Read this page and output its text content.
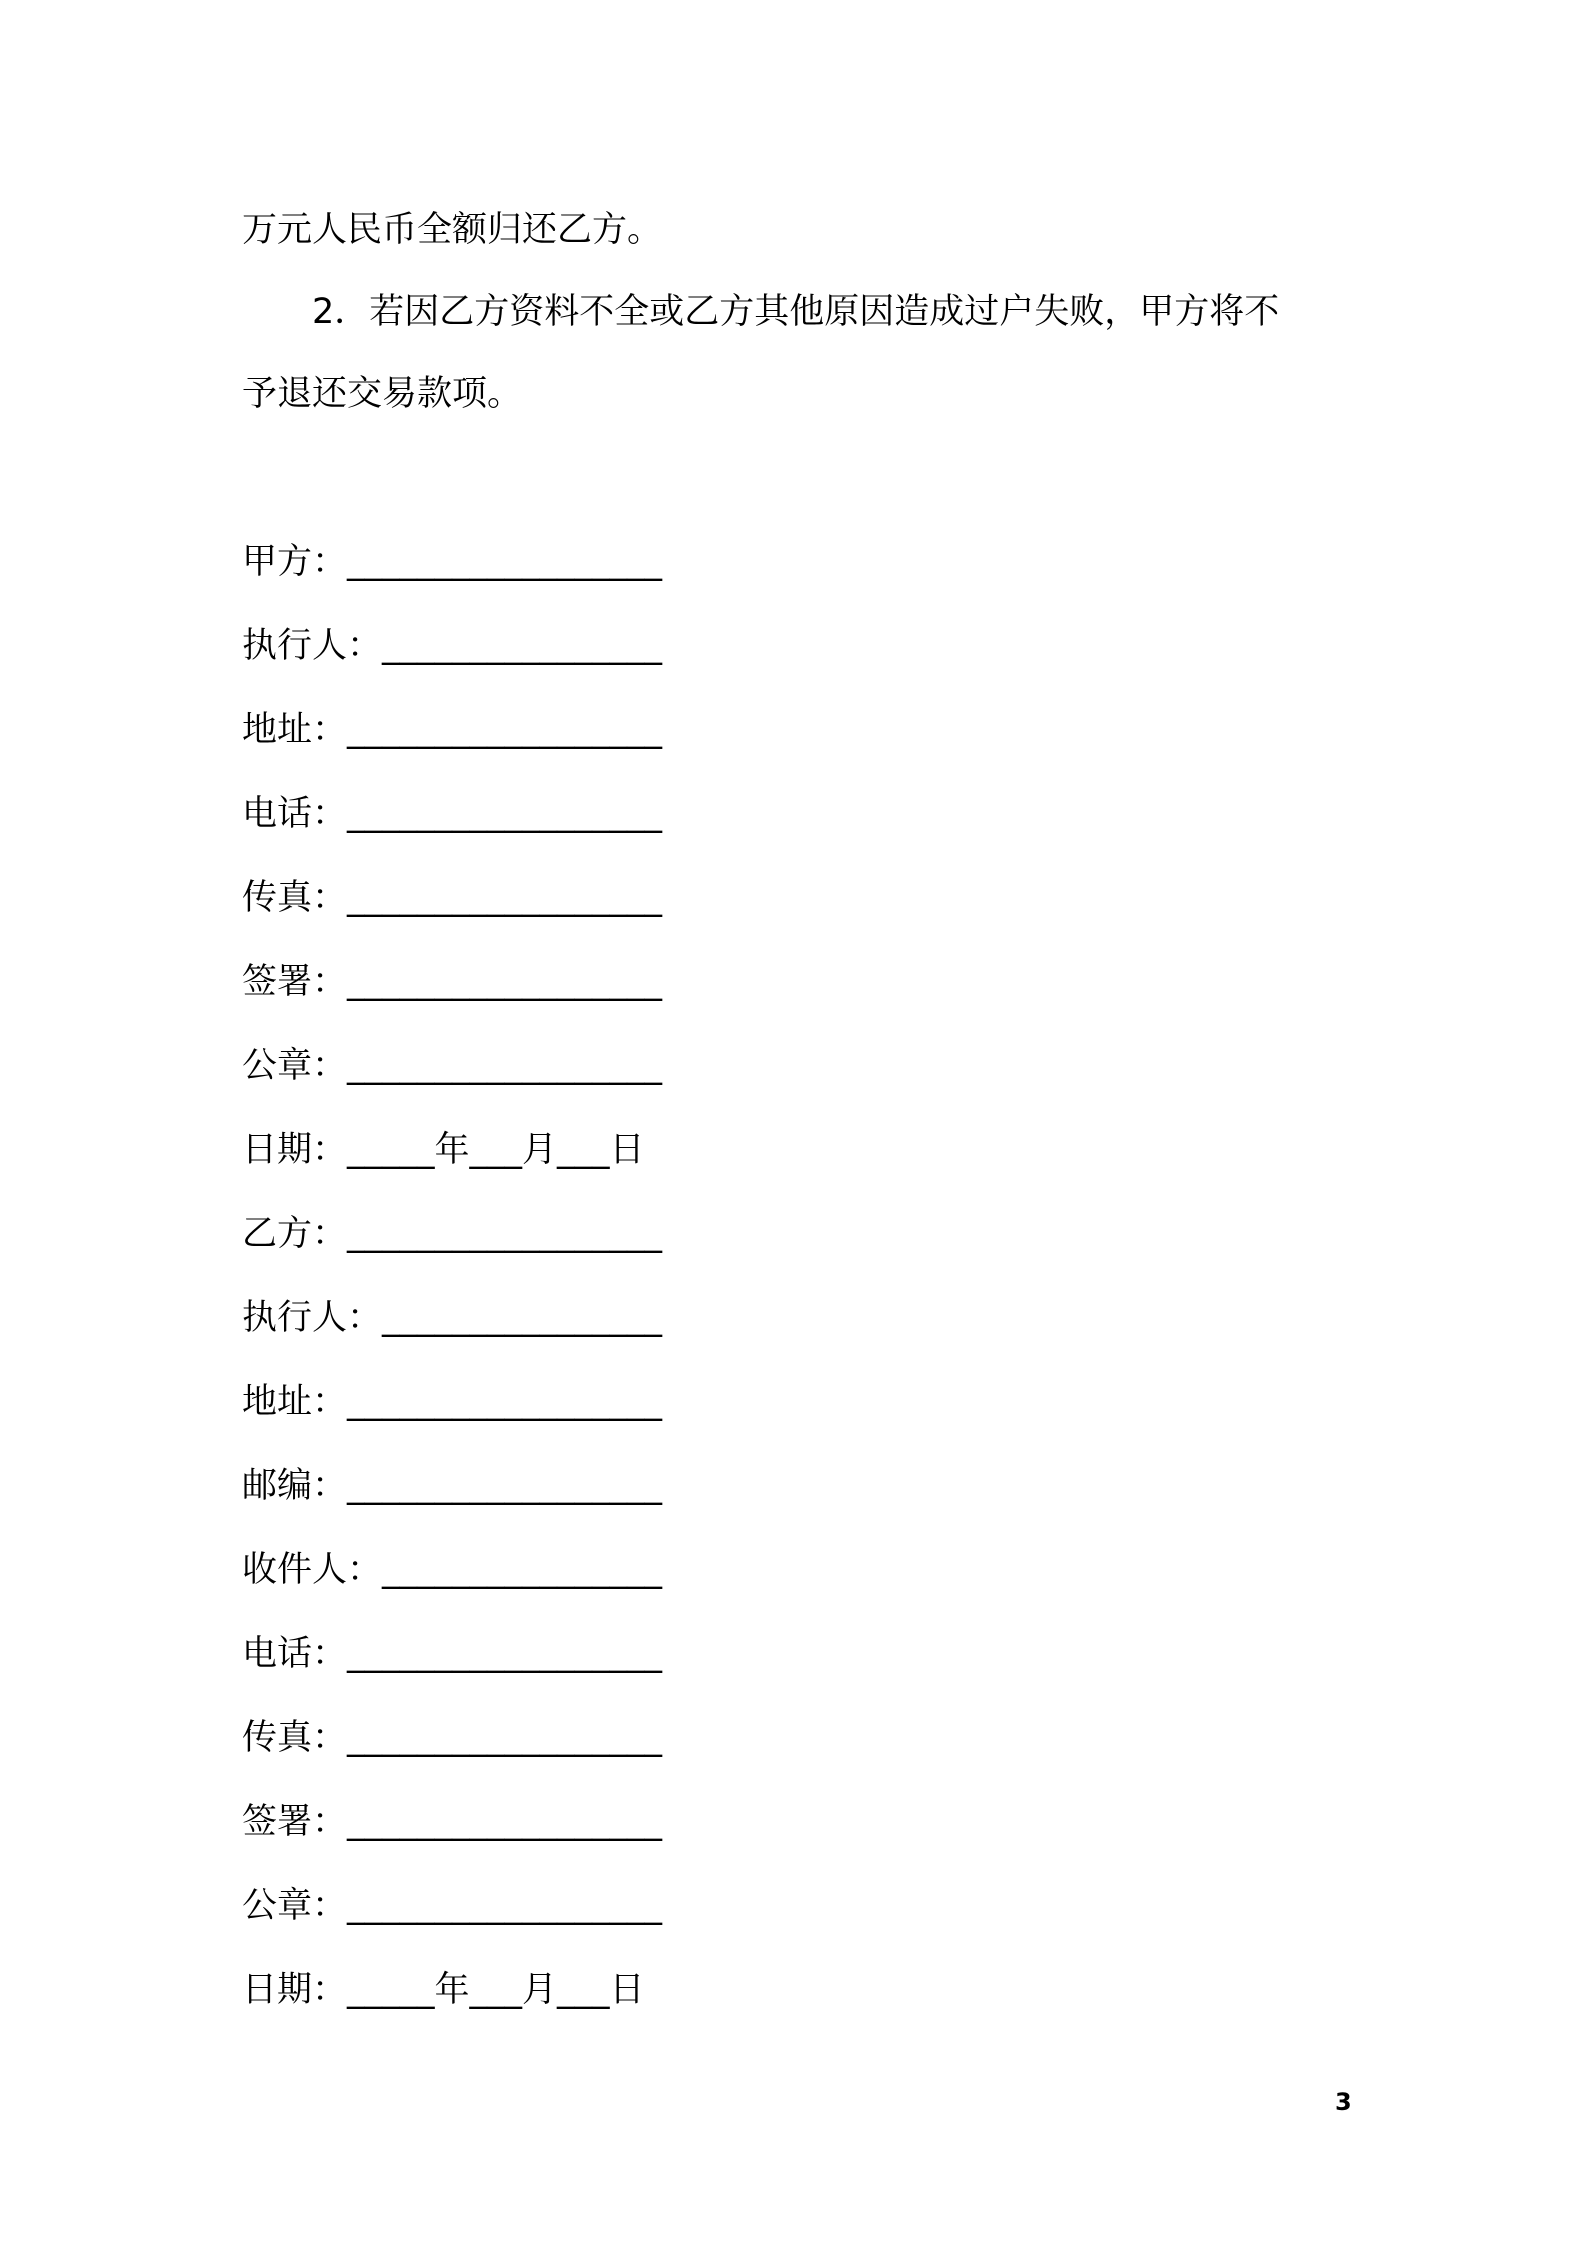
万元人民币全额归还乙方。
　　2．若因乙方资料不全或乙方其他原因造成过户失败，甲方将不
予退还交易款项。
甲方：__________________
执行人：________________
地址：__________________
电话：__________________
传真：__________________
签署：__________________
公章：__________________
日期：_____年___月___日
乙方：__________________
执行人：________________
地址：__________________
邮编：__________________
收件人：________________
电话：__________________
传真：__________________
签署：__________________
公章：__________________
日期：_____年___月___日
3
